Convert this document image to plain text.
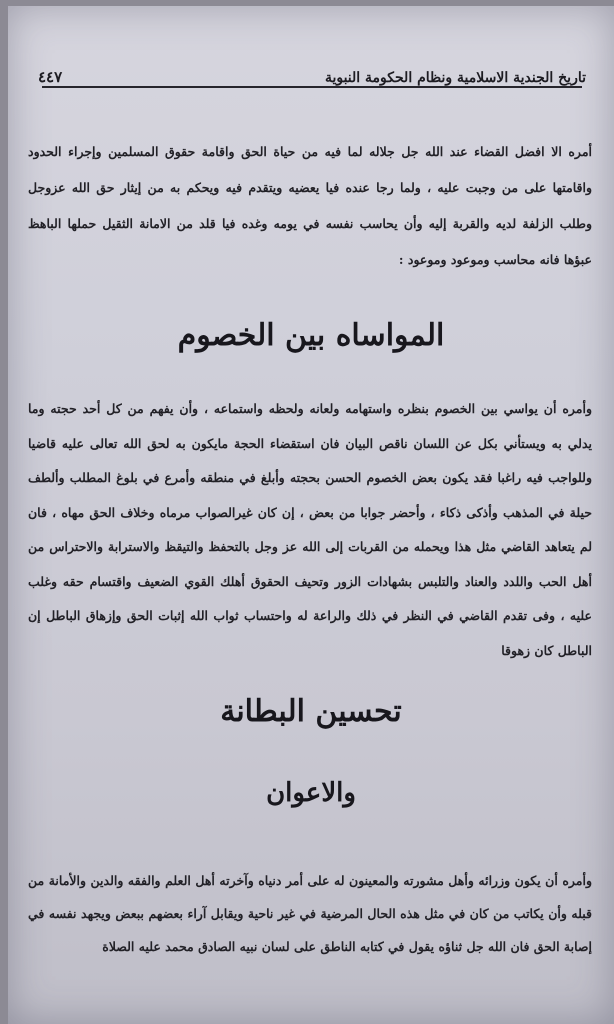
تاريخ الجندية الاسلامية ونظام الحكومة النبوية
٤٤٧

أمره الا افضل القضاء عند الله جل جلاله لما فيه من حياة الحق واقامة حقوق المسلمين وإجراء الحدود واقامتها على من وجبت عليه ، ولما رجا عنده فيا يعضيه ويتقدم فيه ويحكم به من إيثار حق الله عزوجل وطلب الزلفة لديه والقربة إليه وأن يحاسب نفسه في يومه وغده فيا قلد من الامانة الثقيل حملها الباهظ عبؤها فانه محاسب وموعود وموعود :

المواساه بين الخصوم

وأمره أن يواسي بين الخصوم بنظره واستهامه ولعانه ولحظه واستماعه ، وأن يفهم من كل أحد حجته وما يدلي به ويستأني بكل عن اللسان ناقص البيان فان استقضاء الحجة مايكون به لحق الله تعالى عليه قاضيا وللواجب فيه راغبا فقد يكون بعض الخصوم الحسن بحجته وأبلغ في منطقه وأمرع في بلوغ المطلب وألطف حيلة في المذهب وأذكى ذكاء ، وأحضر جوابا من بعض ، إن كان غيرالصواب مرماه وخلاف الحق مهاه ، فان لم يتعاهد القاضي مثل هذا ويحمله من القربات إلى الله عز وجل بالتحفظ والتيقظ والاسترابة والاحتراس من أهل الحب واللدد والعناد والتلبس بشهادات الزور وتحيف الحقوق أهلك القوي الضعيف واقتسام حقه وغلب عليه ، وفى تقدم القاضي في النظر في ذلك والراعة له واحتساب ثواب الله إثبات الحق وإزهاق الباطل إن الباطل كان زهوقا

تحسين البطانة
والاعوان

وأمره أن يكون وزرائه وأهل مشورته والمعينون له على أمر دنياه وآخرته أهل العلم والفقه والدين والأمانة من قبله وأن يكاتب من كان في مثل هذه الحال المرضية في غير ناحية ويقابل آراء بعضهم ببعض ويجهد نفسه في إصابة الحق فان الله جل ثناؤه يقول في كتابه الناطق على لسان نبيه الصادق محمد عليه الصلاة
